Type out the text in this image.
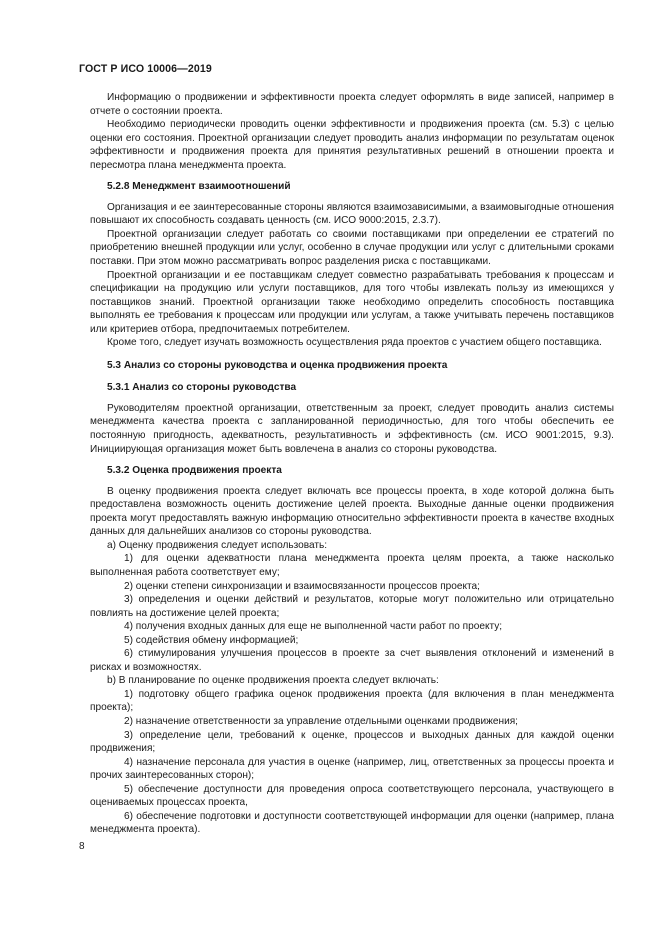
ГОСТ Р ИСО 10006—2019

Информацию о продвижении и эффективности проекта следует оформлять в виде записей, например в отчете о состоянии проекта.

Необходимо периодически проводить оценки эффективности и продвижения проекта (см. 5.3) с целью оценки его состояния. Проектной организации следует проводить анализ информации по результатам оценок эффективности и продвижения проекта для принятия результативных решений в отношении проекта и пересмотра плана менеджмента проекта.

5.2.8 Менеджмент взаимоотношений

Организация и ее заинтересованные стороны являются взаимозависимыми, а взаимовыгодные отношения повышают их способность создавать ценность (см. ИСО 9000:2015, 2.3.7).

Проектной организации следует работать со своими поставщиками при определении ее стратегий по приобретению внешней продукции или услуг, особенно в случае продукции или услуг с длительными сроками поставки. При этом можно рассматривать вопрос разделения риска с поставщиками.

Проектной организации и ее поставщикам следует совместно разрабатывать требования к процессам и спецификации на продукцию или услуги поставщиков, для того чтобы извлекать пользу из имеющихся у поставщиков знаний. Проектной организации также необходимо определить способность поставщика выполнять ее требования к процессам или продукции или услугам, а также учитывать перечень поставщиков или критериев отбора, предпочитаемых потребителем.

Кроме того, следует изучать возможность осуществления ряда проектов с участием общего поставщика.

5.3 Анализ со стороны руководства и оценка продвижения проекта
5.3.1 Анализ со стороны руководства

Руководителям проектной организации, ответственным за проект, следует проводить анализ системы менеджмента качества проекта с запланированной периодичностью, для того чтобы обеспечить ее постоянную пригодность, адекватность, результативность и эффективность (см. ИСО 9001:2015, 9.3). Инициирующая организация может быть вовлечена в анализ со стороны руководства.

5.3.2 Оценка продвижения проекта

В оценку продвижения проекта следует включать все процессы проекта, в ходе которой должна быть предоставлена возможность оценить достижение целей проекта. Выходные данные оценки продвижения проекта могут предоставлять важную информацию относительно эффективности проекта в качестве входных данных для дальнейших анализов со стороны руководства.

a) Оценку продвижения следует использовать:

1) для оценки адекватности плана менеджмента проекта целям проекта, а также насколько выполненная работа соответствует ему;

2) оценки степени синхронизации и взаимосвязанности процессов проекта;

3) определения и оценки действий и результатов, которые могут положительно или отрицательно повлиять на достижение целей проекта;

4) получения входных данных для еще не выполненной части работ по проекту;

5) содействия обмену информацией;

6) стимулирования улучшения процессов в проекте за счет выявления отклонений и изменений в рисках и возможностях.

b) В планирование по оценке продвижения проекта следует включать:

1) подготовку общего графика оценок продвижения проекта (для включения в план менеджмента проекта);

2) назначение ответственности за управление отдельными оценками продвижения;

3) определение цели, требований к оценке, процессов и выходных данных для каждой оценки продвижения;

4) назначение персонала для участия в оценке (например, лиц, ответственных за процессы проекта и прочих заинтересованных сторон);

5) обеспечение доступности для проведения опроса соответствующего персонала, участвующего в оцениваемых процессах проекта,

6) обеспечение подготовки и доступности соответствующей информации для оценки (например, плана менеджмента проекта).

8
